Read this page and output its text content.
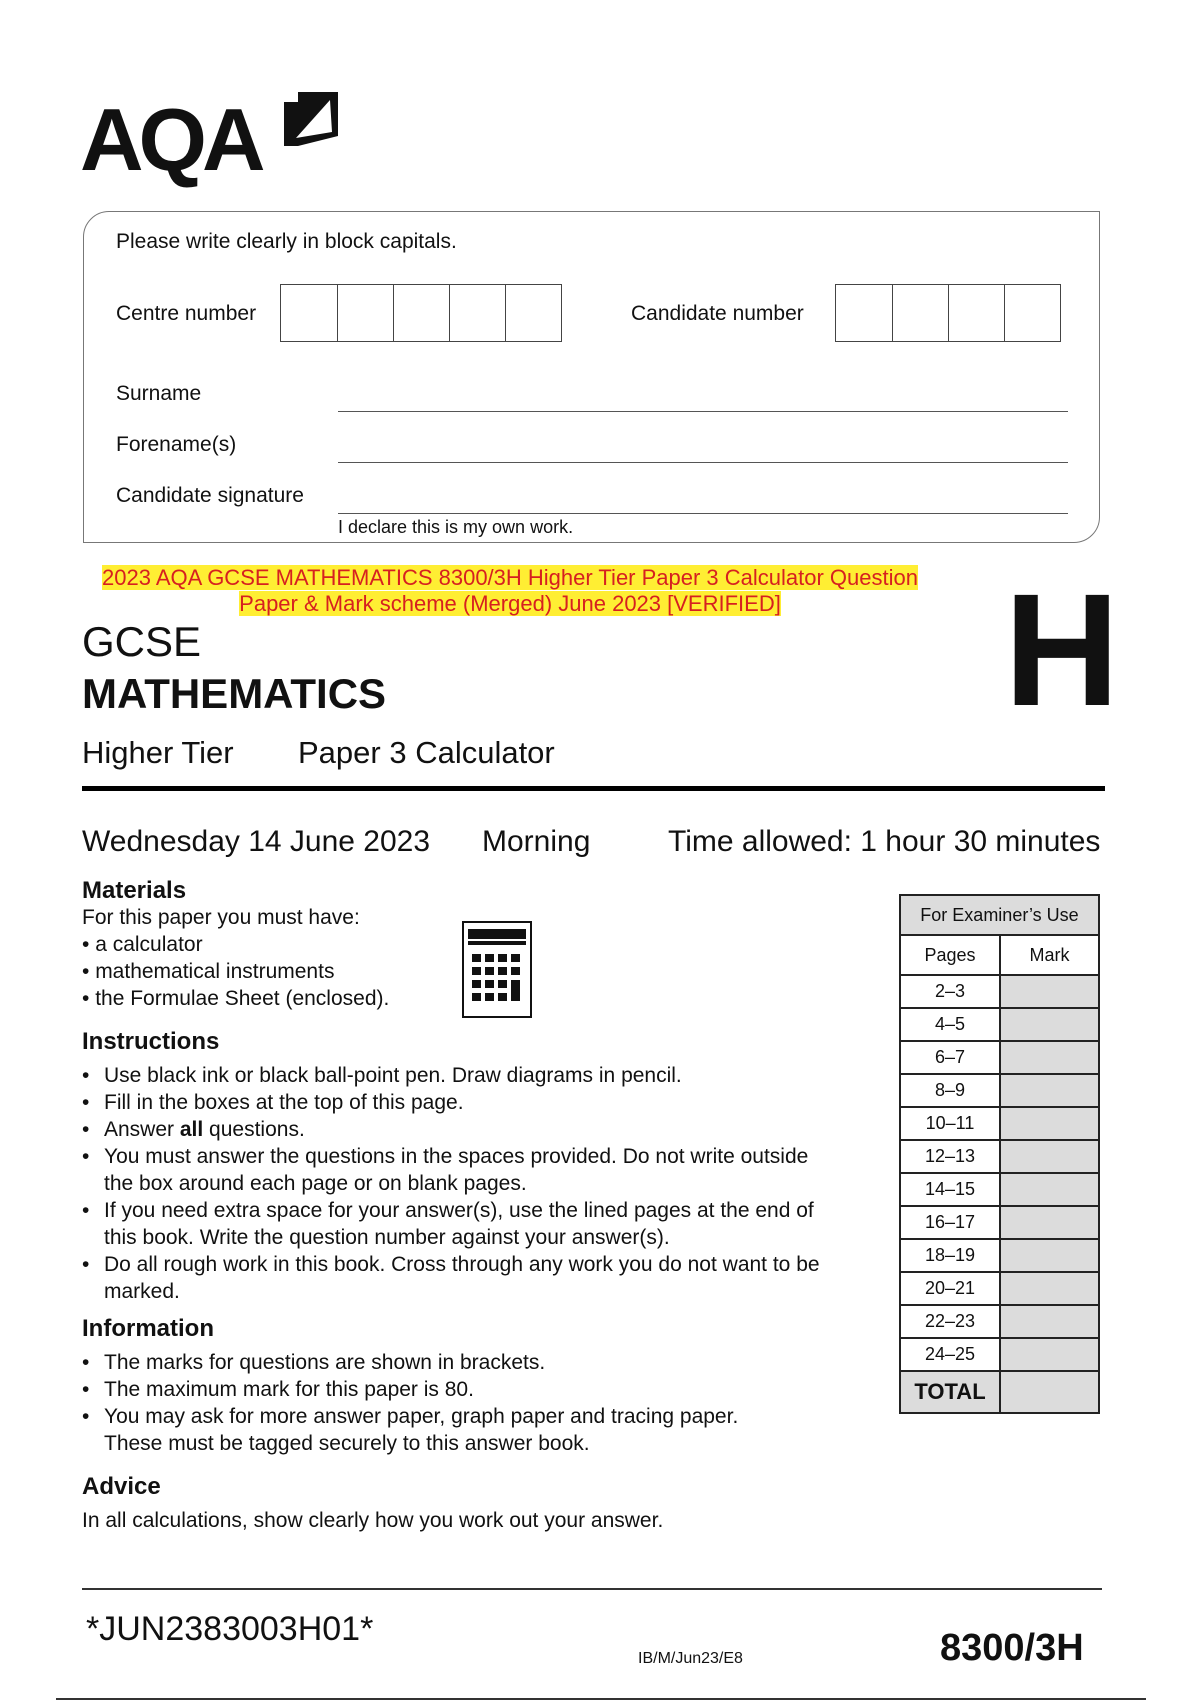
AQA
Please write clearly in block capitals.
Centre number	Candidate number
Surname
Forename(s)
Candidate signature
I declare this is my own work.
2023 AQA GCSE MATHEMATICS 8300/3H Higher Tier Paper 3 Calculator Question
Paper & Mark scheme (Merged) June 2023 [VERIFIED]
GCSE
MATHEMATICS
Higher Tier Paper 3 Calculator
H
Wednesday 14 June 2023 Morning	Time allowed: 1 hour 30 minutes
Materials
For this paper you must have:
• a calculator
• mathematical instruments
• the Formulae Sheet (enclosed).
Instructions
• Use black ink or black ball-point pen. Draw diagrams in pencil.
• Fill in the boxes at the top of this page.
• Answer all questions.
• You must answer the questions in the spaces provided. Do not write outside the box around each page or on blank pages.
• If you need extra space for your answer(s), use the lined pages at the end of this book. Write the question number against your answer(s).
• Do all rough work in this book. Cross through any work you do not want to be marked.
Information
• The marks for questions are shown in brackets.
• The maximum mark for this paper is 80.
• You may ask for more answer paper, graph paper and tracing paper. These must be tagged securely to this answer book.
Advice
In all calculations, show clearly how you work out your answer.
For Examiner’s Use	
Pages	Mark
2–3	
4–5	
6–7	
8–9	
10–11	
12–13	
14–15	
16–17	
18–19	
20–21	
22–23	
24–25	
TOTAL	
*JUN2383003H01*
IB/M/Jun23/E8	8300/3H
